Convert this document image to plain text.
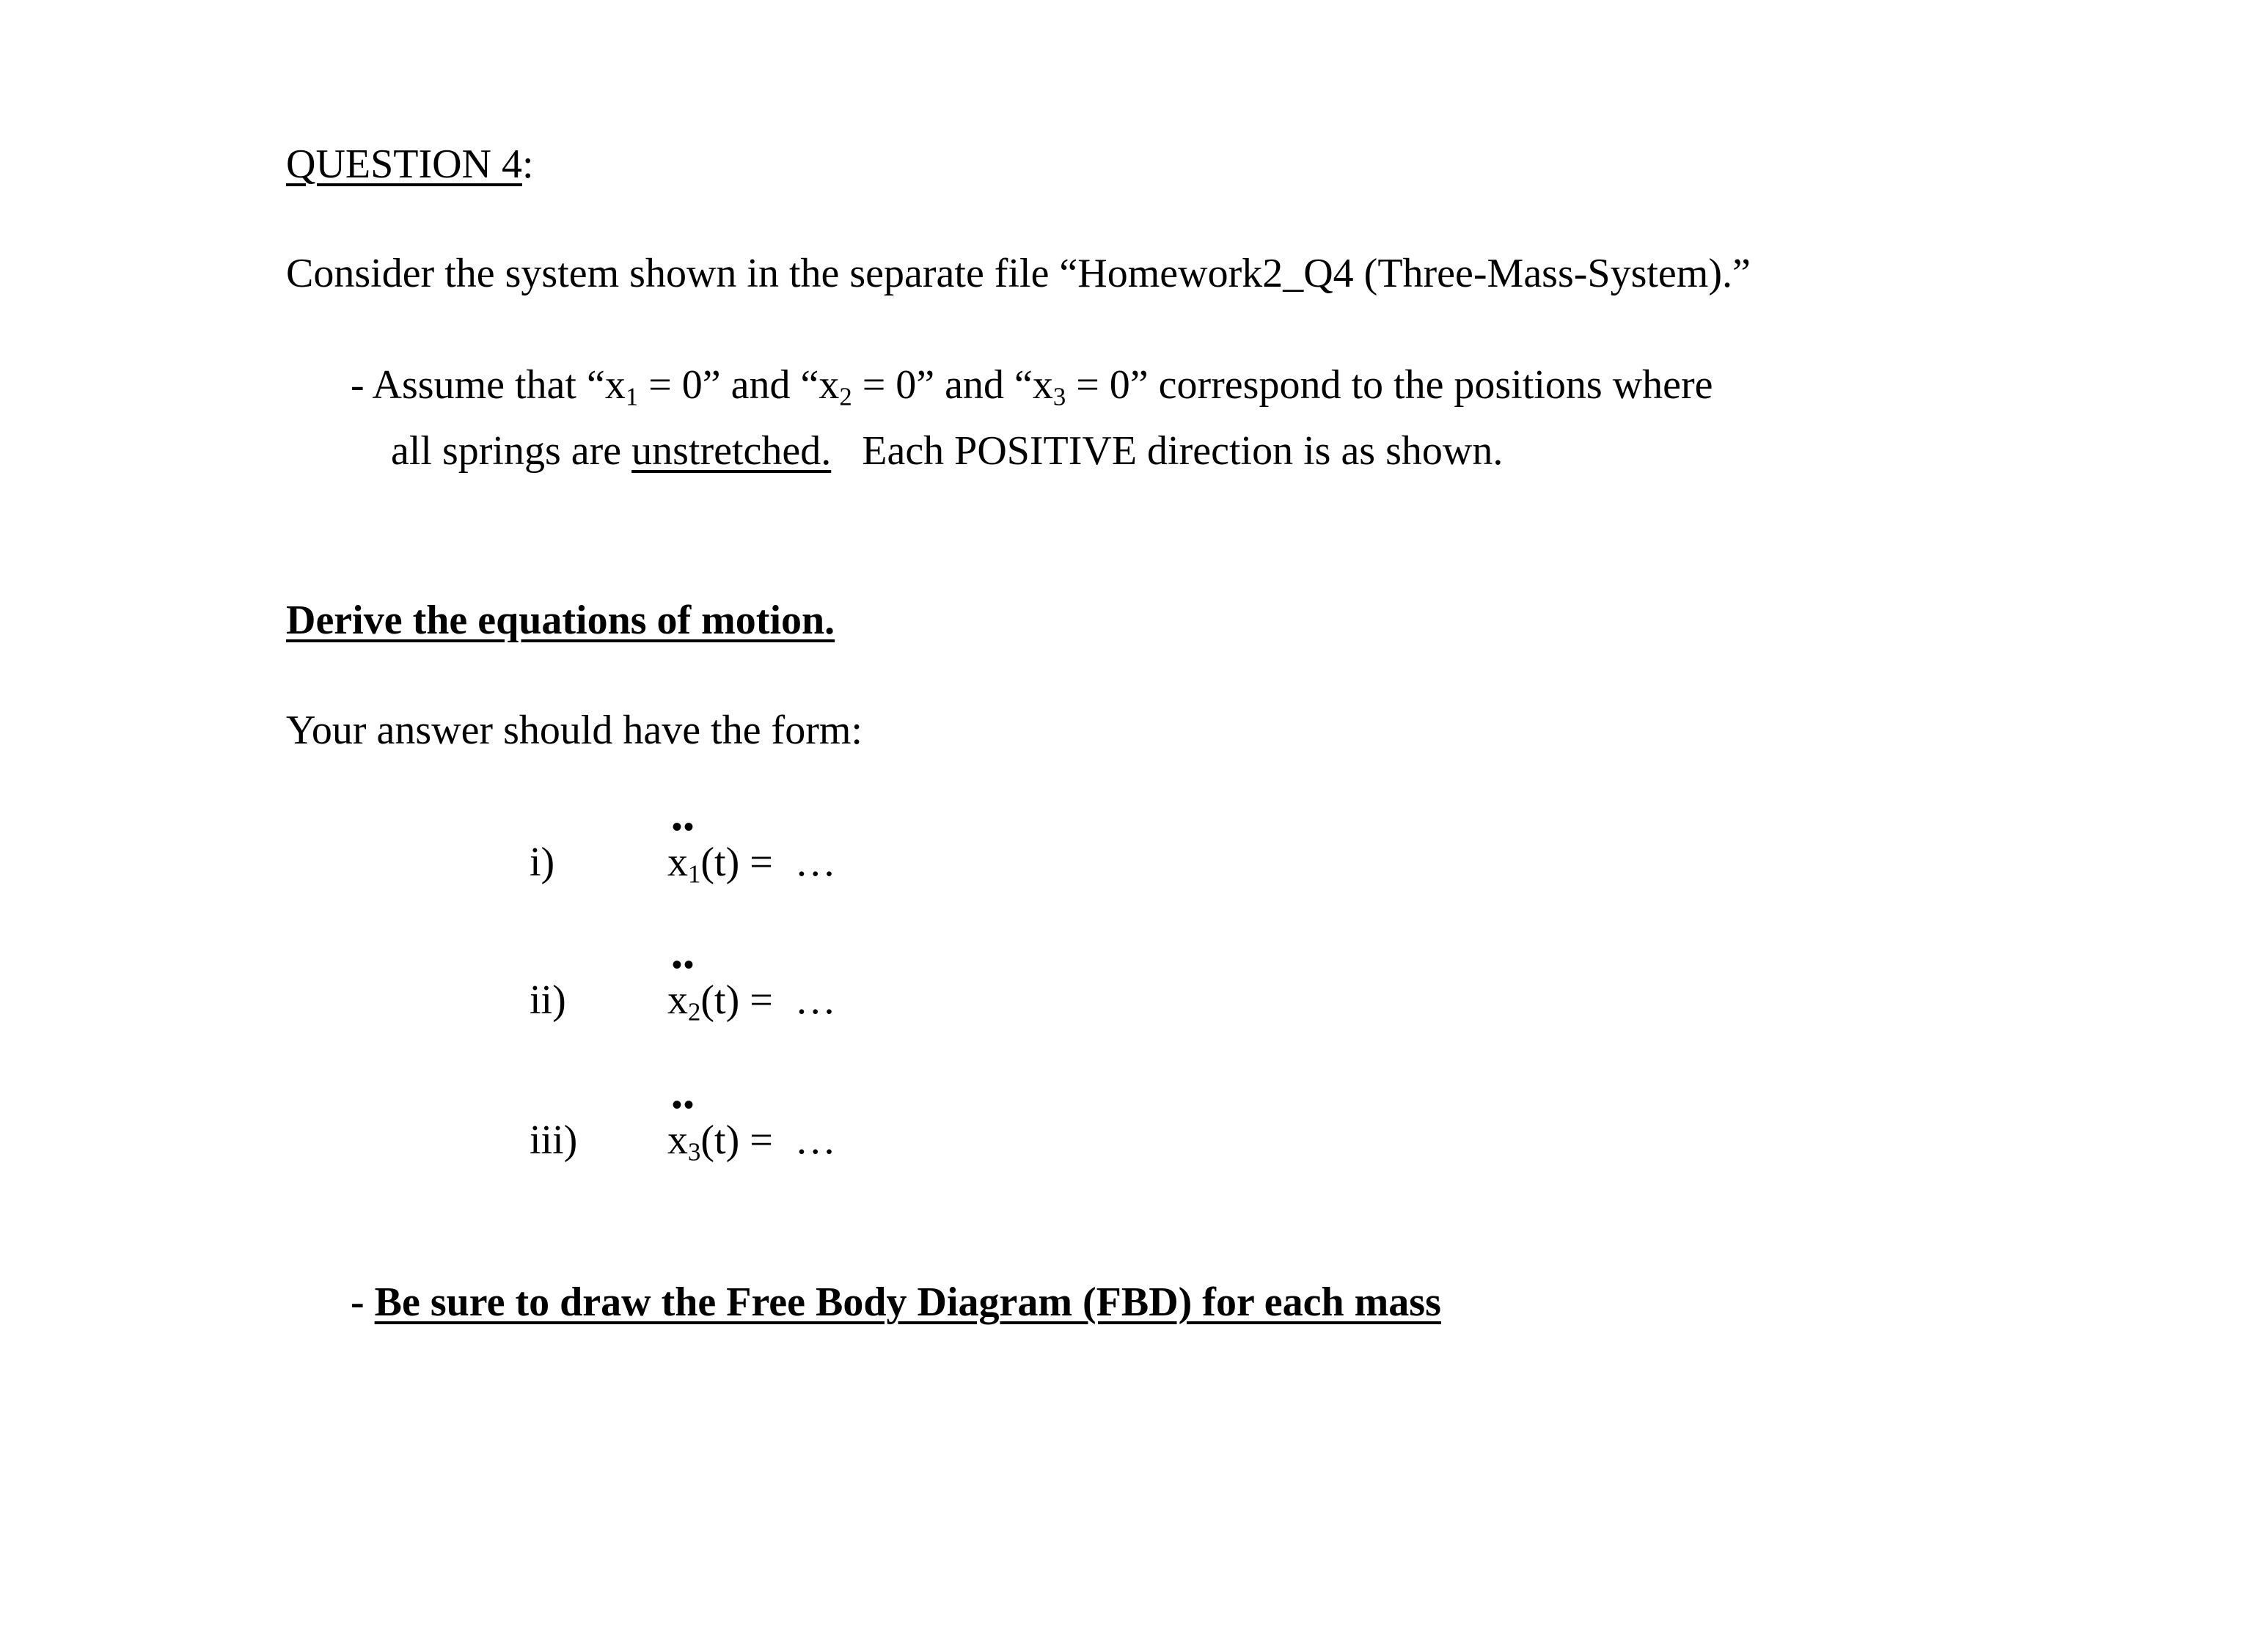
QUESTION 4:
Consider the system shown in the separate file “Homework2_Q4 (Three-Mass-System).”
- Assume that “$x_1 = 0$” and “$x_2 = 0$” and “$x_3 = 0$” correspond to the positions where
all springs are unstretched.   Each POSITIVE direction is as shown.
Derive the equations of motion.
Your answer should have the form:
i)
••
$x_1(t)$ = …
ii)
••
$x_2(t)$ = …
iii)
••
$x_3(t)$ = …
- Be sure to draw the Free Body Diagram (FBD) for each mass
